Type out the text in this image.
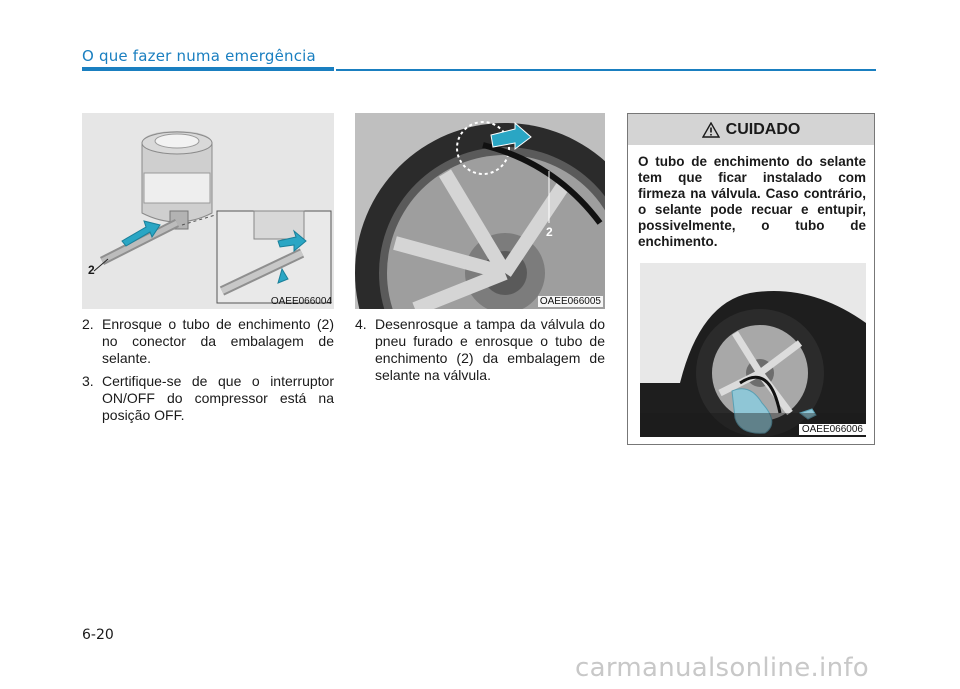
O que fazer numa emergência
2
OAEE066004
2
OAEE066005
2. Enrosque o tubo de enchimento (2) no conector da embalagem de selante.
3. Certifique-se de que o interruptor ON/OFF do compressor está na posição OFF.
4. Desenrosque a tampa da válvula do pneu furado e enrosque o tubo de enchimento (2) da embalagem de selante na válvula.
CUIDADO
O tubo de enchimento do selante tem que ficar instalado com firmeza na válvula. Caso contrário, o selante pode recuar e entupir, possivelmente, o tubo de enchimento.
OAEE066006
6-20
carmanualsonline.info
